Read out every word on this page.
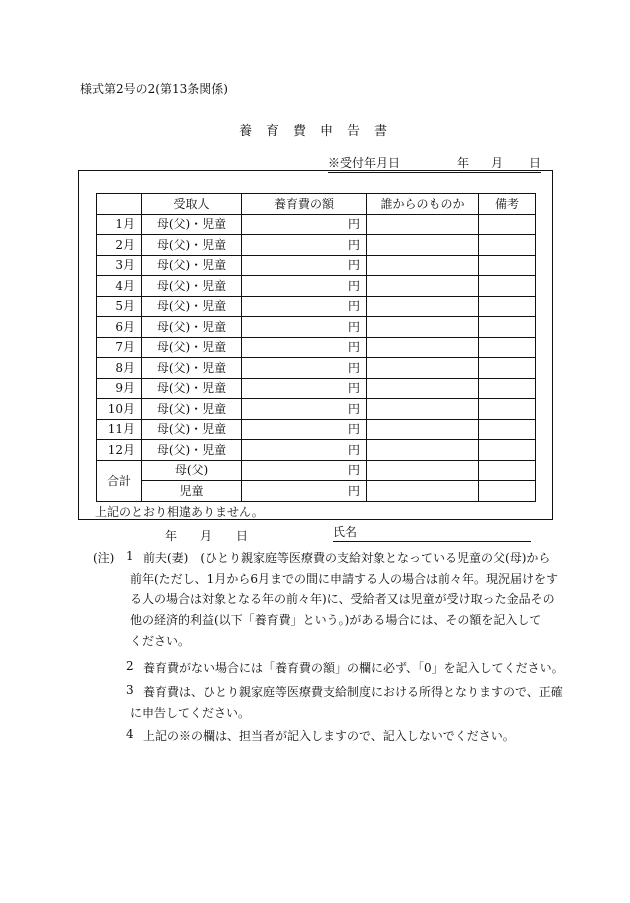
様式第2号の2(第13条関係)
養育費申告書
※受付年月日	年 月 日
	受取人	養育費の額	誰からのものか	備考
1月	母(父)・児童	円		
2月	母(父)・児童	円		
3月	母(父)・児童	円		
4月	母(父)・児童	円		
5月	母(父)・児童	円		
6月	母(父)・児童	円		
7月	母(父)・児童	円		
8月	母(父)・児童	円		
9月	母(父)・児童	円		
10月	母(父)・児童	円		
11月	母(父)・児童	円		
12月	母(父)・児童	円		
合計	母(父)	円		
	児童	円		
上記のとおり相違ありません。
年 月 日	氏名
(注) 1 前夫(妻)　(ひとり親家庭等医療費の支給対象となっている児童の父(母)から
前年(ただし、1月から6月までの間に申請する人の場合は前々年。現況届けをす
る人の場合は対象となる年の前々年)に、受給者又は児童が受け取った金品その
他の経済的利益(以下「養育費」という。)がある場合には、その額を記入して
ください。
2 養育費がない場合には「養育費の額」の欄に必ず、「0」を記入してください。
3 養育費は、ひとり親家庭等医療費支給制度における所得となりますので、正確
に申告してください。
4 上記の※の欄は、担当者が記入しますので、記入しないでください。
